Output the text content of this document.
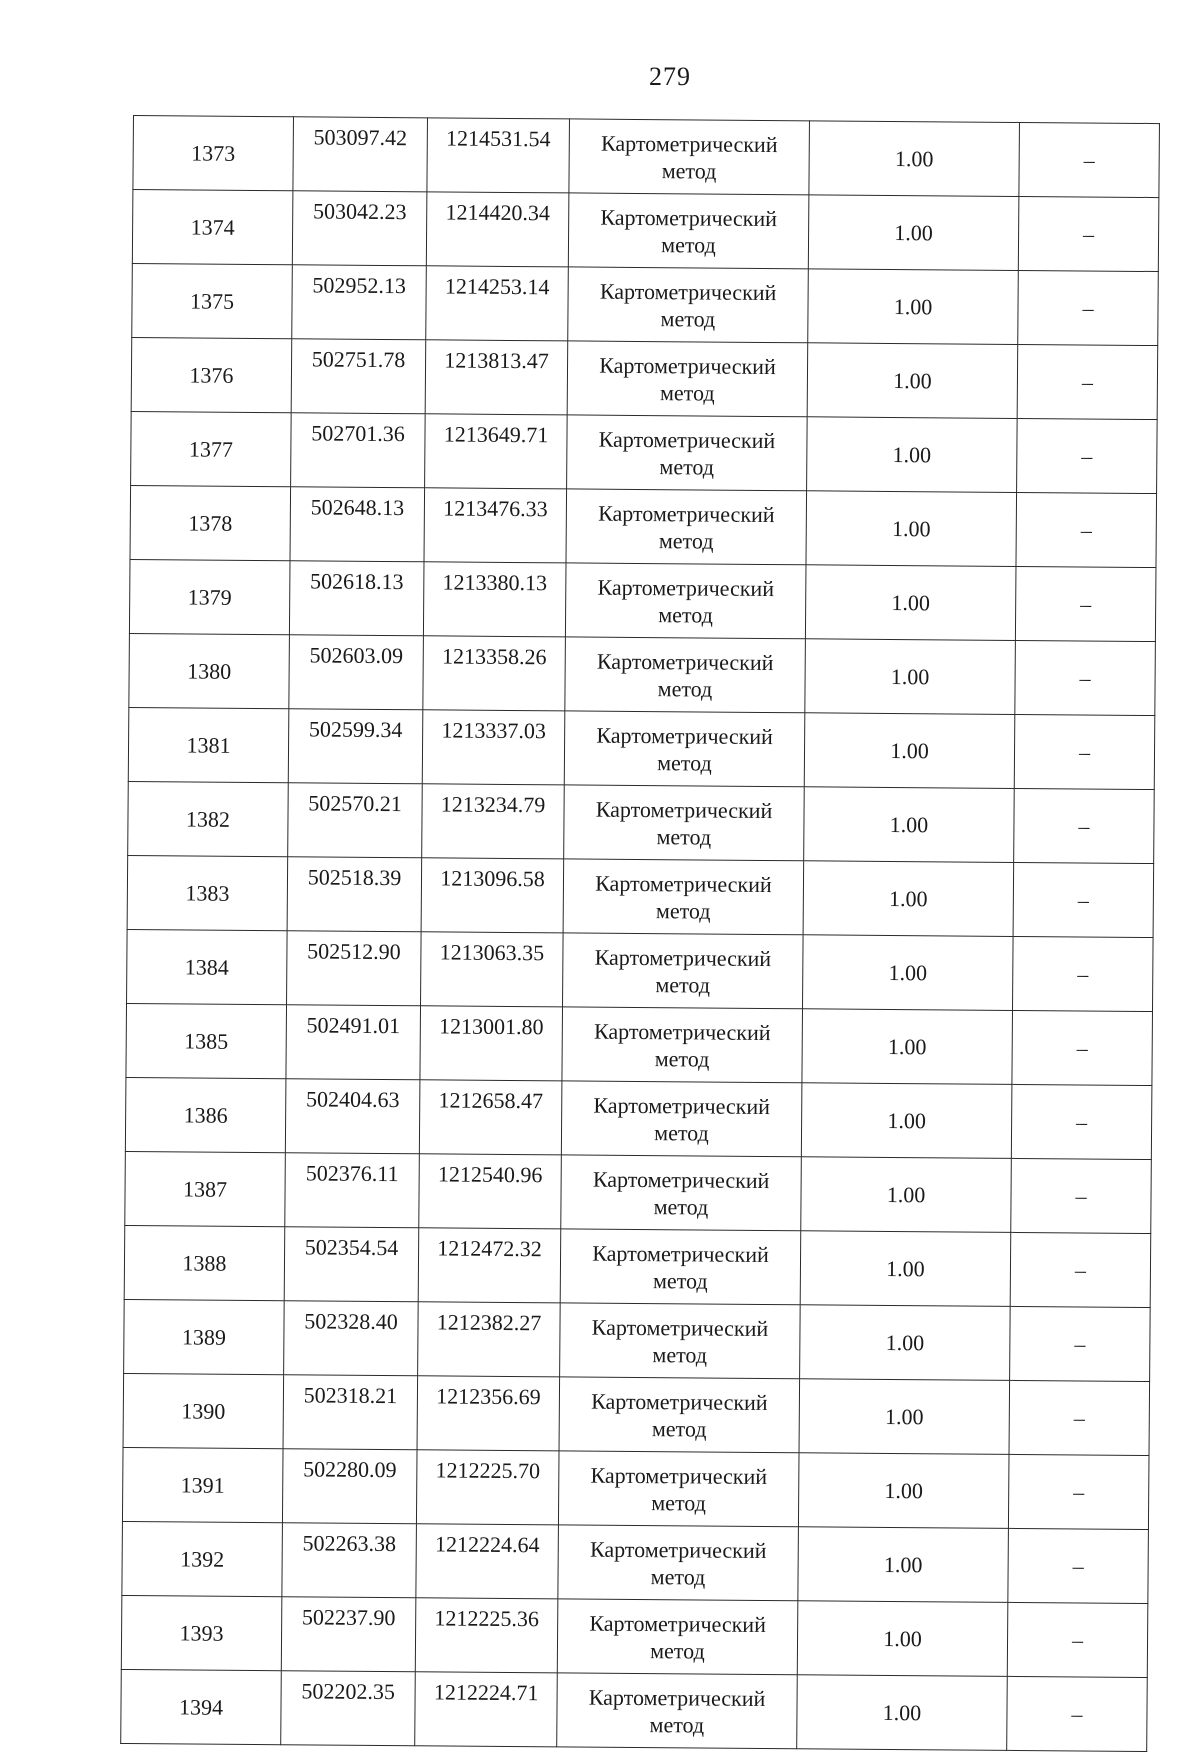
279
1373	503097.42	1214531.54	Картометрический
метод	1.00	–
1374	503042.23	1214420.34	Картометрический
метод	1.00	–
1375	502952.13	1214253.14	Картометрический
метод	1.00	–
1376	502751.78	1213813.47	Картометрический
метод	1.00	–
1377	502701.36	1213649.71	Картометрический
метод	1.00	–
1378	502648.13	1213476.33	Картометрический
метод	1.00	–
1379	502618.13	1213380.13	Картометрический
метод	1.00	–
1380	502603.09	1213358.26	Картометрический
метод	1.00	–
1381	502599.34	1213337.03	Картометрический
метод	1.00	–
1382	502570.21	1213234.79	Картометрический
метод	1.00	–
1383	502518.39	1213096.58	Картометрический
метод	1.00	–
1384	502512.90	1213063.35	Картометрический
метод	1.00	–
1385	502491.01	1213001.80	Картометрический
метод	1.00	–
1386	502404.63	1212658.47	Картометрический
метод	1.00	–
1387	502376.11	1212540.96	Картометрический
метод	1.00	–
1388	502354.54	1212472.32	Картометрический
метод	1.00	–
1389	502328.40	1212382.27	Картометрический
метод	1.00	–
1390	502318.21	1212356.69	Картометрический
метод	1.00	–
1391	502280.09	1212225.70	Картометрический
метод	1.00	–
1392	502263.38	1212224.64	Картометрический
метод	1.00	–
1393	502237.90	1212225.36	Картометрический
метод	1.00	–
1394	502202.35	1212224.71	Картометрический
метод	1.00	–
